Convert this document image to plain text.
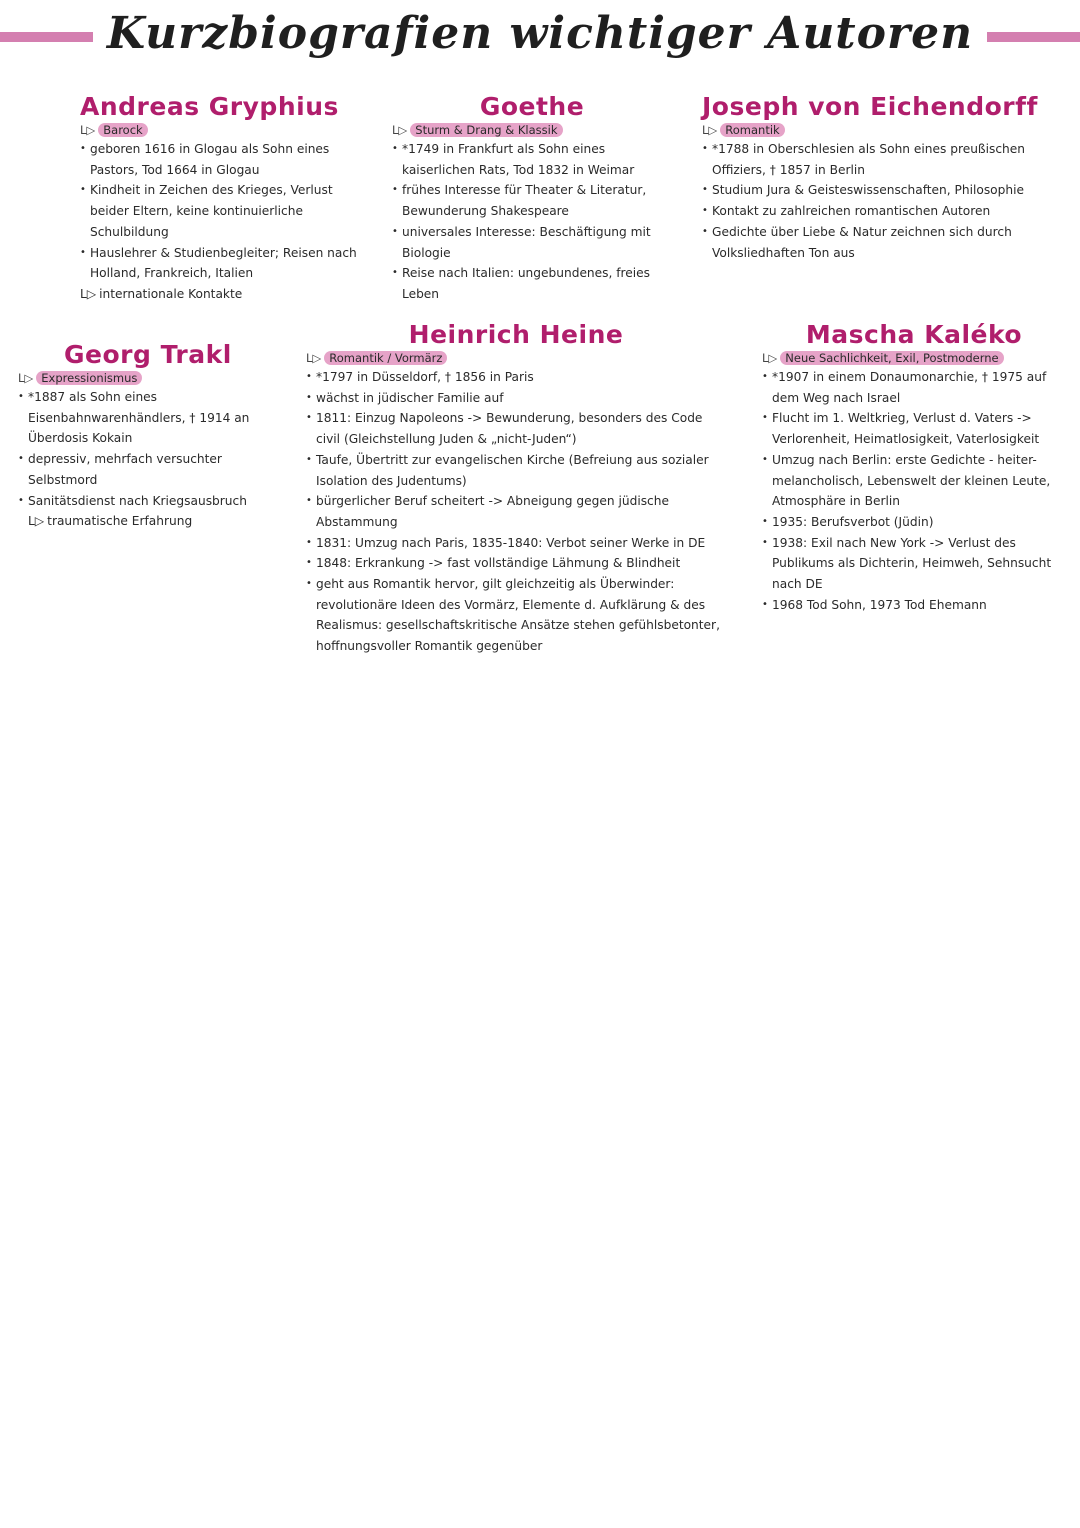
Kurzbiografien wichtiger Autoren
Andreas Gryphius
L▷ Barock
• geboren 1616 in Glogau als Sohn eines Pastors, Tod 1664 in Glogau
• Kindheit in Zeichen des Krieges, Verlust beider Eltern, keine kontinuierliche Schulbildung
• Hauslehrer & Studienbegleiter; Reisen nach Holland, Frankreich, Italien
L▷ internationale Kontakte
Goethe
L▷ Sturm & Drang & Klassik
• *1749 in Frankfurt als Sohn eines kaiserlichen Rats, Tod 1832 in Weimar
• frühes Interesse für Theater & Literatur, Bewunderung Shakespeare
• universales Interesse: Beschäftigung mit Biologie
• Reise nach Italien: ungebundenes, freies Leben
Joseph von Eichendorff
L▷ Romantik
• *1788 in Oberschlesien als Sohn eines preußischen Offiziers, † 1857 in Berlin
• Studium Jura & Geisteswissenschaften, Philosophie
• Kontakt zu zahlreichen romantischen Autoren
• Gedichte über Liebe & Natur zeichnen sich durch Volksliedhaften Ton aus
Georg Trakl
L▷ Expressionismus
• *1887 als Sohn eines Eisenbahnwarenhändlers, † 1914 an Überdosis Kokain
• depressiv, mehrfach versuchter Selbstmord
• Sanitätsdienst nach Kriegsausbruch
L▷ traumatische Erfahrung
Heinrich Heine
L▷ Romantik / Vormärz
• *1797 in Düsseldorf, † 1856 in Paris
• wächst in jüdischer Familie auf
• 1811: Einzug Napoleons -> Bewunderung, besonders des Code civil (Gleichstellung Juden & „nicht-Juden“)
• Taufe, Übertritt zur evangelischen Kirche (Befreiung aus sozialer Isolation des Judentums)
• bürgerlicher Beruf scheitert -> Abneigung gegen jüdische Abstammung
• 1831: Umzug nach Paris, 1835-1840: Verbot seiner Werke in DE
• 1848: Erkrankung -> fast vollständige Lähmung & Blindheit
• geht aus Romantik hervor, gilt gleichzeitig als Überwinder: revolutionäre Ideen des Vormärz, Elemente d. Aufklärung & des Realismus: gesellschaftskritische Ansätze stehen gefühlsbetonter, hoffnungsvoller Romantik gegenüber
Mascha Kaléko
L▷ Neue Sachlichkeit, Exil, Postmoderne
• *1907 in einem Donaumonarchie, † 1975 auf dem Weg nach Israel
• Flucht im 1. Weltkrieg, Verlust d. Vaters -> Verlorenheit, Heimatlosigkeit, Vaterlosigkeit
• Umzug nach Berlin: erste Gedichte - heiter-melancholisch, Lebenswelt der kleinen Leute, Atmosphäre in Berlin
• 1935: Berufsverbot (Jüdin)
• 1938: Exil nach New York -> Verlust des Publikums als Dichterin, Heimweh, Sehnsucht nach DE
• 1968 Tod Sohn, 1973 Tod Ehemann
